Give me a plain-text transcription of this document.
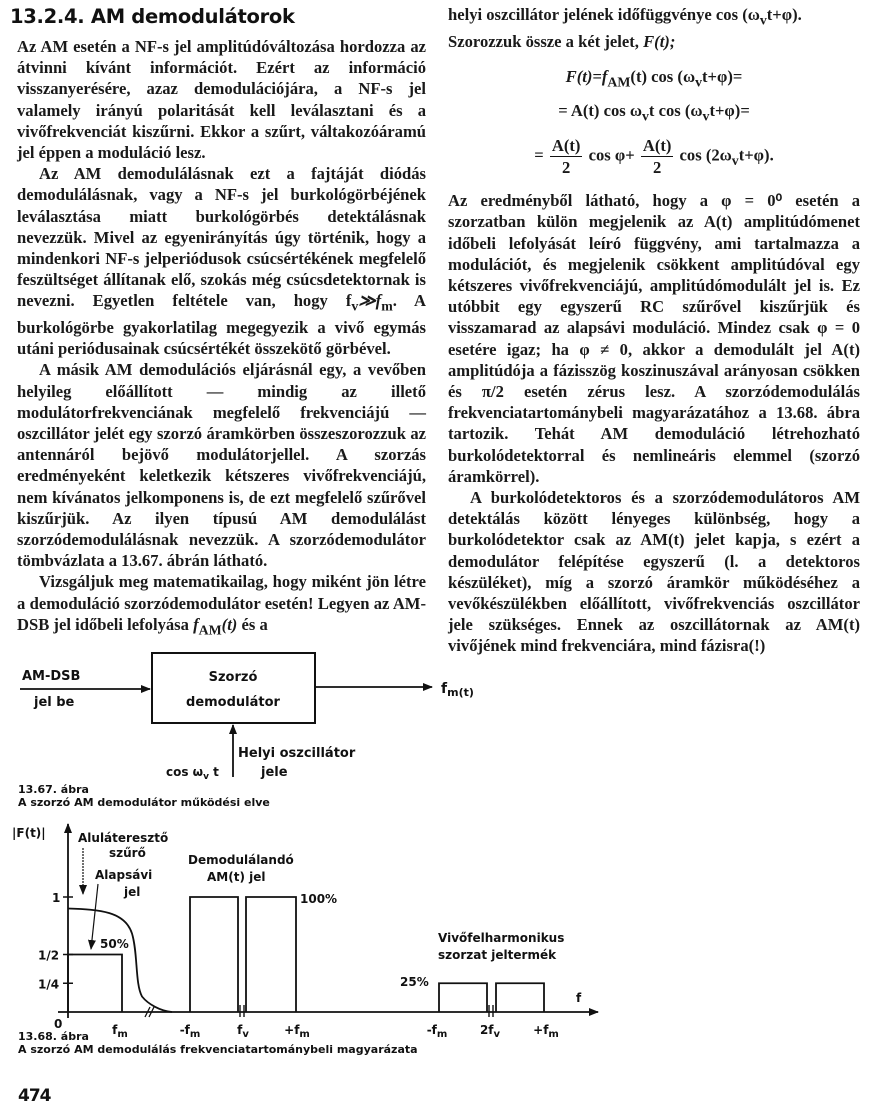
13.2.4. AM demodulátorok

Az AM esetén a NF-s jel amplitúdóváltozása hordozza az átvinni kívánt információt. Ezért az információ visszanyerésére, azaz demodulációjára, a NF-s jel valamely irányú polaritását kell leválasztani és a vivőfrekvenciát kiszűrni. Ekkor a szűrt, váltakozóáramú jel éppen a moduláció lesz.

Az AM demodulálásnak ezt a fajtáját diódás demodulálásnak, vagy a NF-s jel burkológörbéjének leválasztása miatt burkológörbés detektálásnak nevezzük. Mivel az egyenirányítás úgy történik, hogy a mindenkori NF-s jelperiódusok csúcsértékének megfelelő feszültséget állítanak elő, szokás még csúcsdetektornak is nevezni. Egyetlen feltétele van, hogy $f_v≫f_m$. A burkológörbe gyakorlatilag megegyezik a vivő egymás utáni periódusainak csúcsértékét összekötő görbével.

A másik AM demodulációs eljárásnál egy, a vevőben helyileg előállított — mindig az illető modulátorfrekvenciának megfelelő frekvenciájú — oszcillátor jelét egy szorzó áramkörben összeszorozzuk az antennáról bejövő modulátorjellel. A szorzás eredményeként keletkezik kétszeres vivőfrekvenciájú, nem kívánatos jelkomponens is, de ezt megfelelő szűrővel kiszűrjük. Az ilyen típusú AM demodulálást szorzódemodulálásnak nevezzük. A szorzódemodulátor tömbvázlata a 13.67. ábrán látható.

Vizsgáljuk meg matematikailag, hogy miként jön létre a demoduláció szorzódemodulátor esetén! Legyen az AM-DSB jel időbeli lefolyása $f_{AM}(t)$ és a

helyi oszcillátor jelének időfüggvénye $\cos (\omega_vt+\varphi)$.
Szorozzuk össze a két jelet, F(t);

$F(t)=f_{AM}(t)$ $\cos (\omega_vt+\varphi)=$
= A(t) $\cos \omega_vt$ $\cos (\omega_vt+\varphi)=$
= $\frac{A(t)}{2}$ $\cos \varphi+ \frac{A(t)}{2}$ $\cos (2\omega_vt+\varphi)$.

Az eredményből látható, hogy a φ = 0⁰ esetén a szorzatban külön megjelenik az A(t) amplitúdómenet időbeli lefolyását leíró függvény, ami tartalmazza a modulációt, és megjelenik csökkent amplitúdóval egy kétszeres vivőfrekvenciájú, amplitúdómodulált jel is. Ez utóbbit egy egyszerű RC szűrővel kiszűrjük és visszamarad az alapsávi moduláció. Mindez csak φ = 0 esetére igaz; ha φ ≠ 0, akkor a demodulált jel A(t) amplitúdója a fázisszög koszinuszával arányosan csökken és π/2 esetén zérus lesz. A szorzódemodulálás frekvenciatartománybeli magyarázatához a 13.68. ábra tartozik. Tehát AM demoduláció létrehozható burkolódetektorral és nemlineáris elemmel (szorzó áramkörrel).

A burkolódetektoros és a szorzódemodulátoros AM detektálás között lényeges különbség, hogy a burkolódetektor csak az AM(t) jelet kapja, s ezért a demodulátor felépítése egyszerű (l. a detektoros készüléket), míg a szorzó áramkör működéséhez a vevőkészülékben előállított, vivőfrekvenciás oszcillátor jele szükséges. Ennek az oszcillátornak az AM(t) vivőjének mind frekvenciára, mind fázisra(!)

AM-DSB
jel be
Szorzó
demodulátor
$f_m(t)$
Helyi oszcillátor
jele
$\cos \omega_v$ t
13.67. ábra
A szorzó AM demodulátor működési elve
|F(t)|
f
0
1/4
1/2
1
$f_m$	$-f_m$	$f_v$	$+f_m$	$-f_m$	$2f_v$	$+f_m$
Aluláteresztő
szűrő
Alapsávi
jel
50%
Demodulálandó
AM(t) jel
100%
Vivőfelharmonikus
szorzat jeltermék
25%
13.68. ábra
A szorzó AM demodulálás frekvenciatartománybeli magyarázata
474
